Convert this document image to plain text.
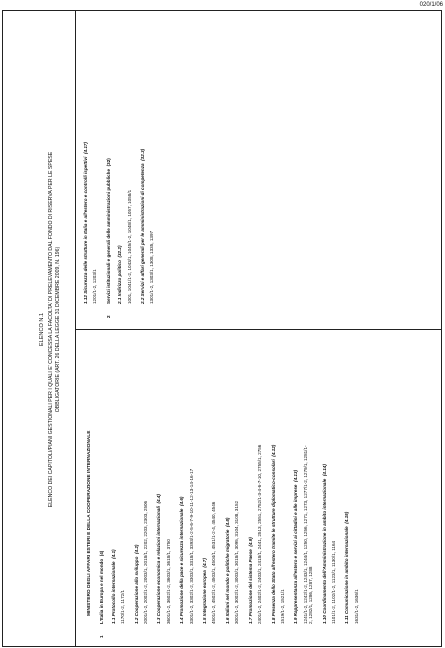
020/1/06
ELENCO N.1 ELENCO DEI CAPITOLI/PIANI GESTIONALI PER I QUALI E' CONCESSA LA FACOLTA' DI PRELEVAMENTO DAL FONDO DI RISERVA PER LE SPESE OBBLIGATORIE (ART. 26 DELLA LEGGE 31 DICEMBRE 2009, N. 196)
MINISTERO DEGLI AFFARI ESTERI E DELLA COOPERAZIONE INTERNAZIONALE
1
L'Italia in Europa e nel mondo

(4)
1.1 Protocollo internazionale  (4.1)
1170/1-2, 1172/1 1.2 Cooperazione allo sviluppo  (4.2) 2001/1-2, 2002/1-2, 2003/1, 2018/1, 2202, 2203, 2303, 2506 1.3 Cooperazione economica e relazioni internazionali  (4.4)
3601/1-2, 3602/1-2, 3603/1, 3618/1, 3750 1.4 Promozione della pace e sicurezza internazionale  (4.6) 3301/1-2, 3302/1-2, 3303/1, 3318/1, 3393/1-2-5-6-7-9-10-11-12-13-14-16-17 1.5 Integrazione europea  (4.7) 4501/1-2, 4502/1-2, 4503/1, 4504/1, 4531/1-2-4, 4540, 4546 1.6 Italiani nel mondo e politiche migratorie  (4.8) 3001/1-2, 3002/1-2, 3003/1, 3018/1, 3095, 3104, 3108, 3152 1.7 Promozione del sistema Paese  (4.9) 2401/1-2, 2402/1-2, 2403/1, 2418/1, 2441, 2513, 2551, 2752/1-3-4-6-7-10, 2755/1, 2756 1.8 Presenza dello Stato all'estero tramite le strutture diplomatico-consolari  (4.12)
1519/1-2, 1521/1 1.9 Rappresentanza all'estero e servizi ai cittadini e alle imprese  (4.13) 1241/1-2, 1242/1-2, 1243/1, 1244/1, 1250, 1256, 1271, 1273, 1277/1-2, 1279/1, 1281/1- 2, 1282/1, 1286, 1287, 1288 1.10 Coordinamento dell'Amministrazione in ambito internazionale  (4.14)
1101/1-2, 1102/1-2, 1123/1, 1130/1, 1164 1.11 Comunicazione in ambito internazionale  (4.15)
1631/1-2, 1636/1
1.12 Sicurezza delle strutture in Italia e all'estero e controlli ispettivi  (4.17)
1201/1-2, 1203/1
2
Servizi istituzionali e generali delle amministrazioni pubbliche

(32)
2.1 Indirizzo politico  (32.2) 1001, 1041/1-2, 1043/1, 1045/1-2, 1048/1, 1057, 1058/1 2.2 Servizi e affari generali per le amministrazioni di competenza  (32.3)
1301/1-2, 1303/1, 1308, 1335, 1397
